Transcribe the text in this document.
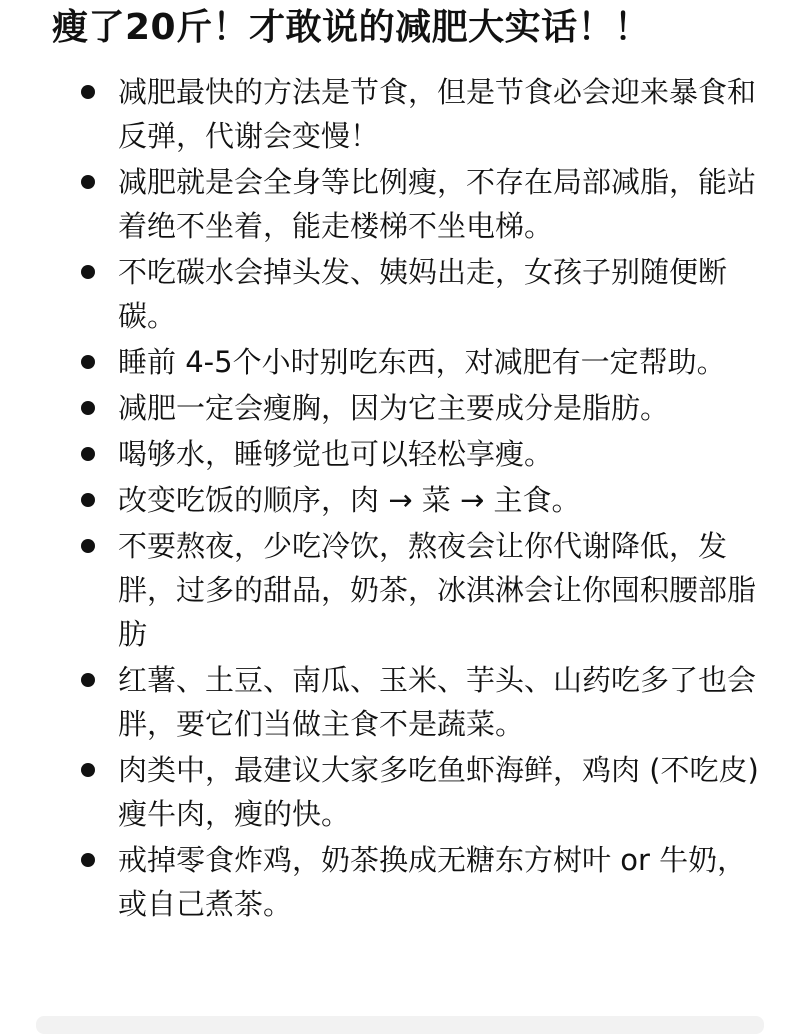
瘦了20斤！才敢说的减肥大实话！！
减肥最快的方法是节食，但是节食必会迎来暴食和反弹，代谢会变慢！
减肥就是会全身等比例瘦，不存在局部减脂，能站着绝不坐着，能走楼梯不坐电梯。
不吃碳水会掉头发、姨妈出走，女孩子别随便断碳。
睡前 4-5个小时别吃东西，对减肥有一定帮助。
减肥一定会瘦胸，因为它主要成分是脂肪。
喝够水，睡够觉也可以轻松享瘦。
改变吃饭的顺序，肉 → 菜 → 主食。
不要熬夜，少吃冷饮，熬夜会让你代谢降低，发胖，过多的甜品，奶茶，冰淇淋会让你囤积腰部脂肪
红薯、土豆、南瓜、玉米、芋头、山药吃多了也会胖，要它们当做主食不是蔬菜。
肉类中，最建议大家多吃鱼虾海鲜，鸡肉 (不吃皮) 瘦牛肉，瘦的快。
戒掉零食炸鸡，奶茶换成无糖东方树叶 or 牛奶，或自己煮茶。
